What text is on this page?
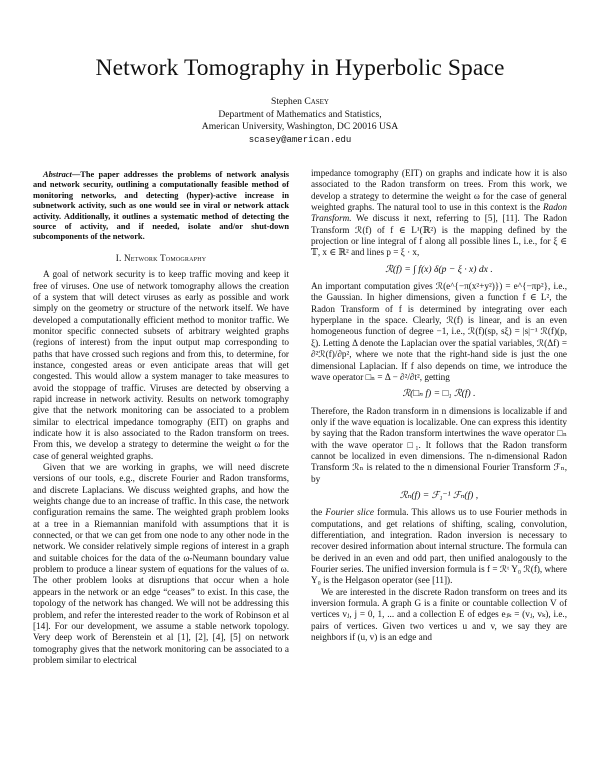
Network Tomography in Hyperbolic Space
Stephen Casey
Department of Mathematics and Statistics,
American University, Washington, DC 20016 USA
scasey@american.edu
Abstract—The paper addresses the problems of network analysis and network security, outlining a computationally feasible method of monitoring networks, and detecting (hyper)-active increase in subnetwork activity, such as one would see in viral or network attack activity. Additionally, it outlines a systematic method of detecting the source of activity, and if needed, isolate and/or shut-down subcomponents of the network.
I. Network Tomography

A goal of network security is to keep traffic moving and keep it free of viruses. One use of network tomography allows the creation of a system that will detect viruses as early as possible and work simply on the geometry or structure of the network itself. We have developed a computationally efficient method to monitor traffic. We monitor specific connected subsets of arbitrary weighted graphs (regions of interest) from the input output map corresponding to paths that have crossed such regions and from this, to determine, for instance, congested areas or even anticipate areas that will get congested. This would allow a system manager to take measures to avoid the stoppage of traffic. Viruses are detected by observing a rapid increase in network activity. Results on network tomography give that the network monitoring can be associated to a problem similar to electrical impedance tomography (EIT) on graphs and indicate how it is also associated to the Radon transform on trees. From this, we develop a strategy to determine the weight ω for the case of general weighted graphs.

Given that we are working in graphs, we will need discrete versions of our tools, e.g., discrete Fourier and Radon transforms, and discrete Laplacians. We discuss weighted graphs, and how the weights change due to an increase of traffic. In this case, the network configuration remains the same. The weighted graph problem looks at a tree in a Riemannian manifold with assumptions that it is connected, or that we can get from one node to any other node in the network. We consider relatively simple regions of interest in a graph and suitable choices for the data of the ω-Neumann boundary value problem to produce a linear system of equations for the values of ω. The other problem looks at disruptions that occur when a hole appears in the network or an edge “ceases” to exist. In this case, the topology of the network has changed. We will not be addressing this problem, and refer the interested reader to the work of Robinson et al [14]. For our development, we assume a stable network topology. Very deep work of Berenstein et al [1], [2], [4], [5] on network tomography gives that the network monitoring can be associated to a problem similar to electrical

impedance tomography (EIT) on graphs and indicate how it is also associated to the Radon transform on trees. From this work, we develop a strategy to determine the weight ω for the case of general weighted graphs. The natural tool to use in this context is the Radon Transform. We discuss it next, referring to [5], [11]. The Radon Transform ℛ(f) of f ∈ L¹(ℝ²) is the mapping defined by the projection or line integral of f along all possible lines L, i.e., for ξ ∈ 𝕋, x ∈ ℝ² and lines p = ξ · x,

ℛ(f) = ∫ f(x) δ(p − ξ · x) dx .

An important computation gives ℛ(e^{−π(x²+y²)}) = e^{−πp²}, i.e., the Gaussian. In higher dimensions, given a function f ∈ L², the Radon Transform of f is determined by integrating over each hyperplane in the space. Clearly, ℛ(f) is linear, and is an even homogeneous function of degree −1, i.e., ℛ(f)(sp, sξ) = |s|⁻¹ ℛ(f)(p, ξ). Letting Δ denote the Laplacian over the spatial variables, ℛ(Δf) = ∂²ℛ(f)/∂p², where we note that the right-hand side is just the one dimensional Laplacian. If f also depends on time, we introduce the wave operator □ₙ = Δ − ∂²/∂t², getting

ℛ(□ₙ f) = □₁ ℛ(f) .

Therefore, the Radon transform in n dimensions is localizable if and only if the wave equation is localizable. One can express this identity by saying that the Radon transform intertwines the wave operator □ₙ with the wave operator □₁. It follows that the Radon transform cannot be localized in even dimensions. The n-dimensional Radon Transform ℛₙ is related to the n dimensional Fourier Transform ℱₙ, by

ℛₙ(f) = ℱ₁⁻¹ ℱₙ(f) ,

the Fourier slice formula. This allows us to use Fourier methods in computations, and get relations of shifting, scaling, convolution, differentiation, and integration. Radon inversion is necessary to recover desired information about internal structure. The formula can be derived in an even and odd part, then unified analogously to the Fourier series. The unified inversion formula is f = ℛᵗ Υ₀ ℛ(f), where Υ₀ is the Helgason operator (see [11]).

We are interested in the discrete Radon transform on trees and its inversion formula. A graph G is a finite or countable collection V of vertices vⱼ, j = 0, 1, ... and a collection E of edges eⱼₖ = (vⱼ, vₖ), i.e., pairs of vertices. Given two vertices u and v, we say they are neighbors if (u, v) is an edge and
